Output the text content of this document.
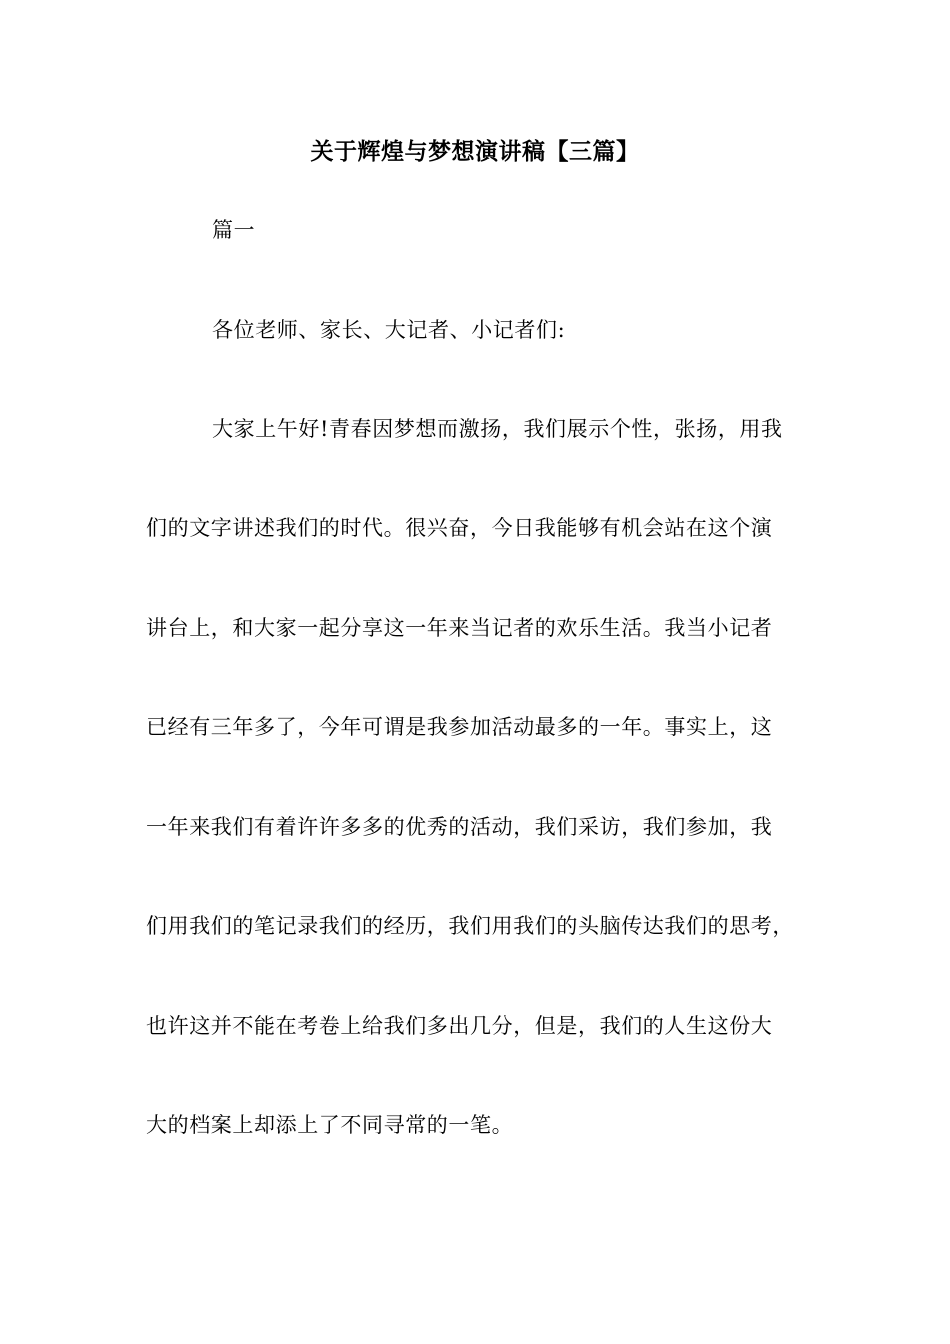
关于辉煌与梦想演讲稿【三篇】

篇一

各位老师、家长、大记者、小记者们:

大家上午好!青春因梦想而激扬，我们展示个性，张扬，用我

们的文字讲述我们的时代。很兴奋，今日我能够有机会站在这个演

讲台上，和大家一起分享这一年来当记者的欢乐生活。我当小记者

已经有三年多了，今年可谓是我参加活动最多的一年。事实上，这

一年来我们有着许许多多的优秀的活动，我们采访，我们参加，我

们用我们的笔记录我们的经历，我们用我们的头脑传达我们的思考，

也许这并不能在考卷上给我们多出几分，但是，我们的人生这份大

大的档案上却添上了不同寻常的一笔。
